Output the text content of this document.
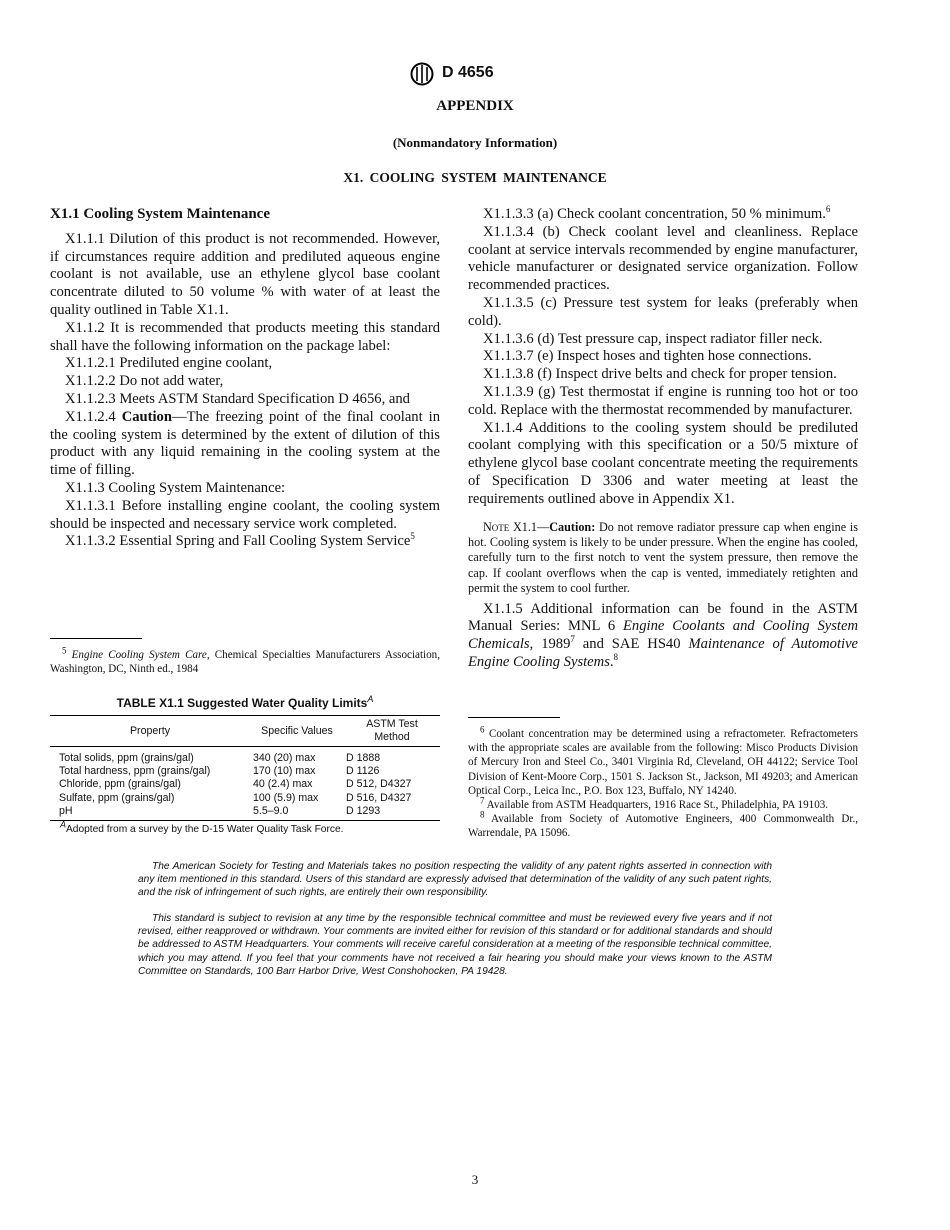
D 4656
APPENDIX
(Nonmandatory Information)
X1. COOLING SYSTEM MAINTENANCE

X1.1 Cooling System Maintenance

X1.1.1 Dilution of this product is not recommended. However, if circumstances require addition and prediluted aqueous engine coolant is not available, use an ethylene glycol base coolant concentrate diluted to 50 volume % with water of at least the quality outlined in Table X1.1.

X1.1.2 It is recommended that products meeting this standard shall have the following information on the package label:

X1.1.2.1 Prediluted engine coolant,

X1.1.2.2 Do not add water,

X1.1.2.3 Meets ASTM Standard Specification D 4656, and

X1.1.2.4 Caution—The freezing point of the final coolant in the cooling system is determined by the extent of dilution of this product with any liquid remaining in the cooling system at the time of filling.

X1.1.3 Cooling System Maintenance:

X1.1.3.1 Before installing engine coolant, the cooling system should be inspected and necessary service work completed.

X1.1.3.2 Essential Spring and Fall Cooling System Service$^5$

$^5$ Engine Cooling System Care, Chemical Specialties Manufacturers Association, Washington, DC, Ninth ed., 1984

TABLE X1.1 Suggested Water Quality Limits$^A$
Property	Specific Values	ASTM Test Method
Total solids, ppm (grains/gal)	340 (20) max	D 1888
Total hardness, ppm (grains/gal)	170 (10) max	D 1126
Chloride, ppm (grains/gal)	40 (2.4) max	D 512, D4327
Sulfate, ppm (grains/gal)	100 (5.9) max	D 516, D4327
pH	5.5–9.0	D 1293
$^A$Adopted from a survey by the D-15 Water Quality Task Force.

X1.1.3.3 (a) Check coolant concentration, 50 % minimum.$^6$

X1.1.3.4 (b) Check coolant level and cleanliness. Replace coolant at service intervals recommended by engine manufacturer, vehicle manufacturer or designated service organization. Follow recommended practices.

X1.1.3.5 (c) Pressure test system for leaks (preferably when cold).

X1.1.3.6 (d) Test pressure cap, inspect radiator filler neck.

X1.1.3.7 (e) Inspect hoses and tighten hose connections.

X1.1.3.8 (f) Inspect drive belts and check for proper tension.

X1.1.3.9 (g) Test thermostat if engine is running too hot or too cold. Replace with the thermostat recommended by manufacturer.

X1.1.4 Additions to the cooling system should be prediluted coolant complying with this specification or a 50/5 mixture of ethylene glycol base coolant concentrate meeting the requirements of Specification D 3306 and water meeting at least the requirements outlined above in Appendix X1.

Note X1.1—Caution: Do not remove radiator pressure cap when engine is hot. Cooling system is likely to be under pressure. When the engine has cooled, carefully turn to the first notch to vent the system pressure, then remove the cap. If coolant overflows when the cap is vented, immediately retighten and permit the system to cool further.

X1.1.5 Additional information can be found in the ASTM Manual Series: MNL 6 Engine Coolants and Cooling System Chemicals, 1989$^7$ and SAE HS40 Maintenance of Automotive Engine Cooling Systems.$^8$

$^6$ Coolant concentration may be determined using a refractometer. Refractometers with the appropriate scales are available from the following: Misco Products Division of Mercury Iron and Steel Co., 3401 Virginia Rd, Cleveland, OH 44122; Service Tool Division of Kent-Moore Corp., 1501 S. Jackson St., Jackson, MI 49203; and American Optical Corp., Leica Inc., P.O. Box 123, Buffalo, NY 14240.

$^7$ Available from ASTM Headquarters, 1916 Race St., Philadelphia, PA 19103.

$^8$ Available from Society of Automotive Engineers, 400 Commonwealth Dr., Warrendale, PA 15096.

The American Society for Testing and Materials takes no position respecting the validity of any patent rights asserted in connection with any item mentioned in this standard. Users of this standard are expressly advised that determination of the validity of any such patent rights, and the risk of infringement of such rights, are entirely their own responsibility.

This standard is subject to revision at any time by the responsible technical committee and must be reviewed every five years and if not revised, either reapproved or withdrawn. Your comments are invited either for revision of this standard or for additional standards and should be addressed to ASTM Headquarters. Your comments will receive careful consideration at a meeting of the responsible technical committee, which you may attend. If you feel that your comments have not received a fair hearing you should make your views known to the ASTM Committee on Standards, 100 Barr Harbor Drive, West Conshohocken, PA 19428.

3
